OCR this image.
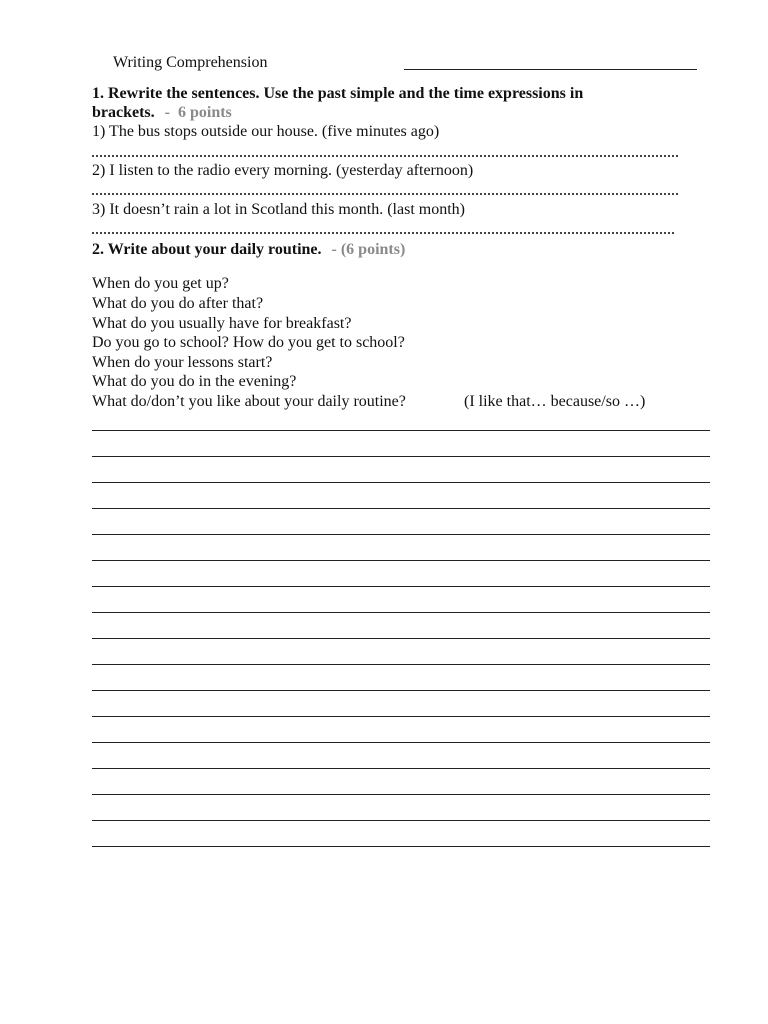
Writing Comprehension
1. Rewrite the sentences. Use the past simple and the time expressions in
brackets. - 6 points
1) The bus stops outside our house. (five minutes ago)
2) I listen to the radio every morning. (yesterday afternoon)
3) It doesn’t rain a lot in Scotland this month. (last month)
2. Write about your daily routine. - (6 points)
When do you get up?
What do you do after that?
What do you usually have for breakfast?
Do you go to school? How do you get to school?
When do your lessons start?
What do you do in the evening?
What do/don’t you like about your daily routine?	(I like that… because/so …)
